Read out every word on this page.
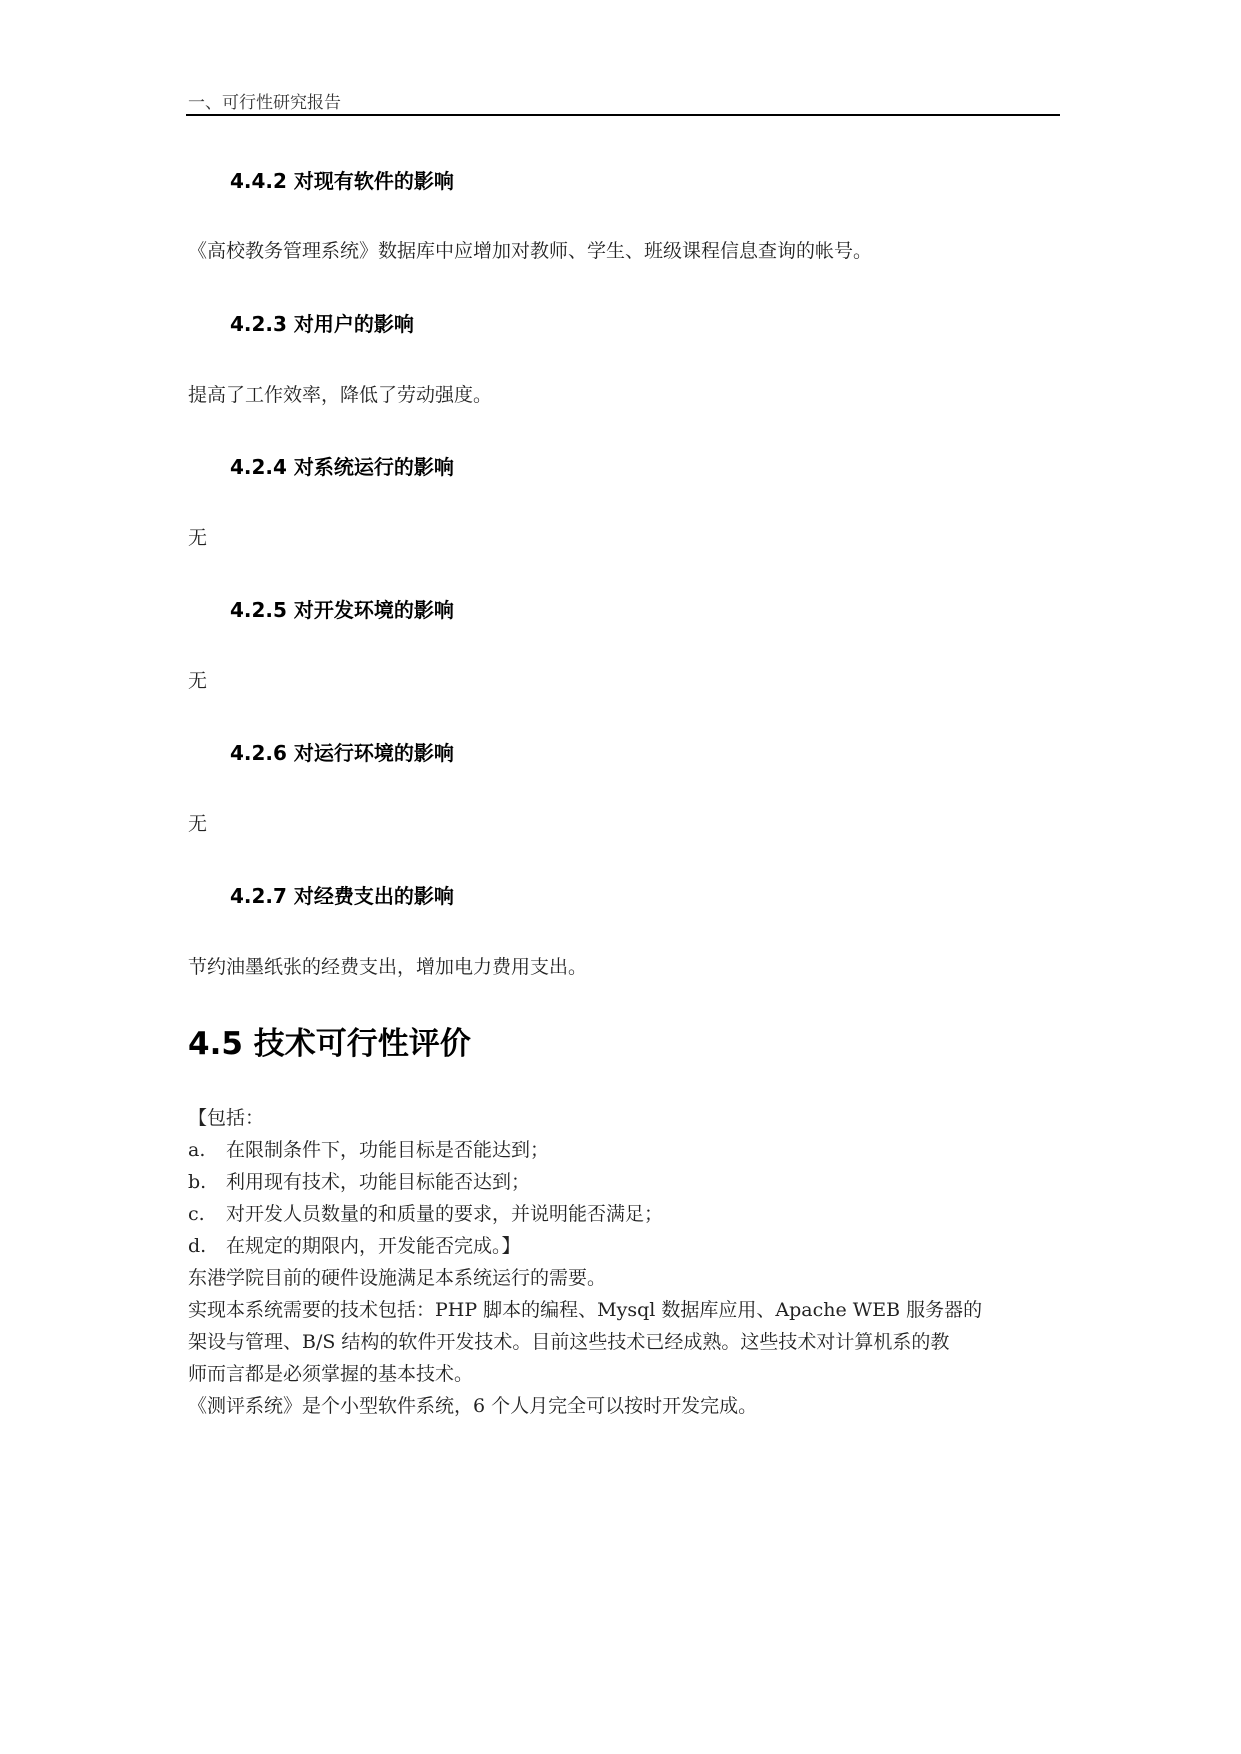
一、可行性研究报告
4.4.2 对现有软件的影响
《高校教务管理系统》数据库中应增加对教师、学生、班级课程信息查询的帐号。
4.2.3 对用户的影响
提高了工作效率，降低了劳动强度。
4.2.4 对系统运行的影响
无
4.2.5 对开发环境的影响
无
4.2.6 对运行环境的影响
无
4.2.7 对经费支出的影响
节约油墨纸张的经费支出，增加电力费用支出。
4.5 技术可行性评价
【包括：
a. 在限制条件下，功能目标是否能达到；
b. 利用现有技术，功能目标能否达到；
c. 对开发人员数量的和质量的要求，并说明能否满足；
d. 在规定的期限内，开发能否完成。】
东港学院目前的硬件设施满足本系统运行的需要。
实现本系统需要的技术包括：PHP 脚本的编程、Mysql 数据库应用、Apache WEB 服务器的
架设与管理、B/S 结构的软件开发技术。目前这些技术已经成熟。这些技术对计算机系的教
师而言都是必须掌握的基本技术。
《测评系统》是个小型软件系统，6 个人月完全可以按时开发完成。
